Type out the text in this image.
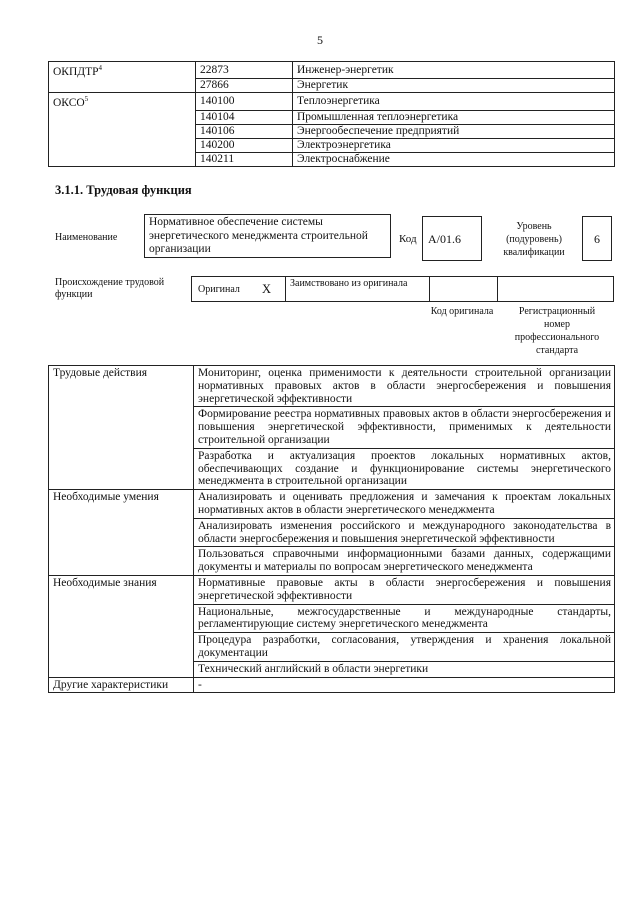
5
ОКПДТР$^4$	22873	Инженер-энергетик
	27866	Энергетик
ОКСО$^5$	140100	Теплоэнергетика
	140104	Промышленная теплоэнергетика
	140106	Энергообеспечение предприятий
	140200	Электроэнергетика
	140211	Электроснабжение
3.1.1. Трудовая функция
Наименование
Нормативное обеспечение системы энергетического менеджмента строительной организации
Код А/01.6
Уровень (подуровень) квалификации
6
Происхождение трудовой функции	Оригинал Х Заимствовано из оригинала
Код оригинала	Регистрационный номер профессионального стандарта
Трудовые действия	Мониторинг, оценка применимости к деятельности строительной организации нормативных правовых актов в области энергосбережения и повышения энергетической эффективности
	Формирование реестра нормативных правовых актов в области энергосбережения и повышения энергетической эффективности, применимых к деятельности строительной организации
	Разработка и актуализация проектов локальных нормативных актов, обеспечивающих создание и функционирование системы энергетического менеджмента в строительной организации
Необходимые умения	Анализировать и оценивать предложения и замечания к проектам локальных нормативных актов в области энергетического менеджмента
	Анализировать изменения российского и международного законодательства в области энергосбережения и повышения энергетической эффективности
	Пользоваться справочными информационными базами данных, содержащими документы и материалы по вопросам энергетического менеджмента
Необходимые знания	Нормативные правовые акты в области энергосбережения и повышения энергетической эффективности
	Национальные, межгосударственные и международные стандарты, регламентирующие систему энергетического менеджмента
	Процедура разработки, согласования, утверждения и хранения локальной документации
	Технический английский в области энергетики
Другие характеристики	-
